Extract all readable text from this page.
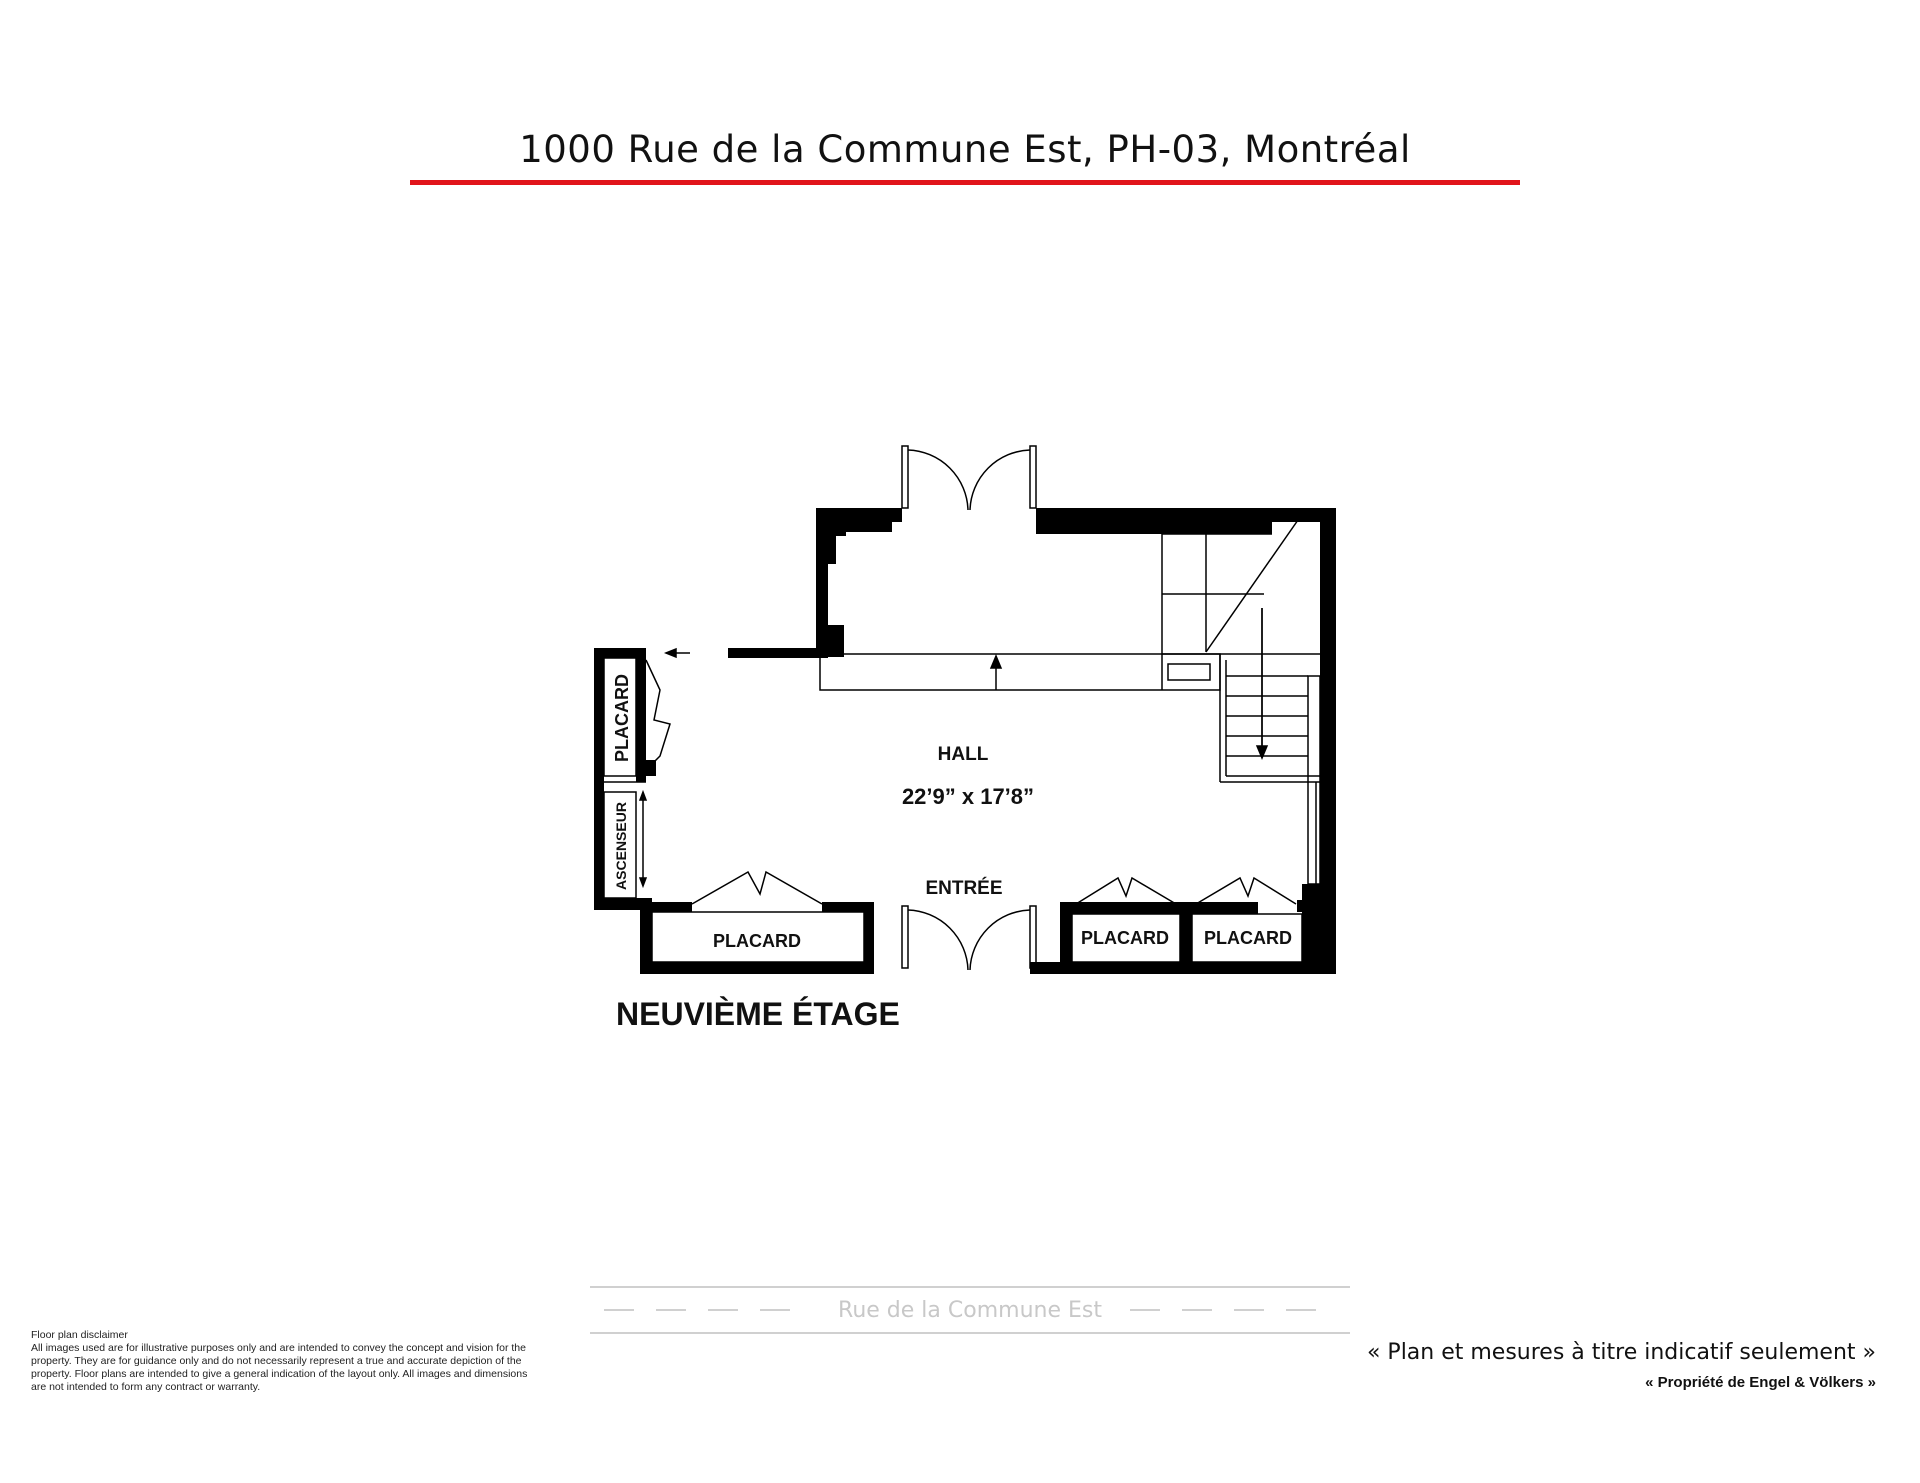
1000 Rue de la Commune Est, PH-03, Montréal
HALL
22’9” x 17’8”
ENTRÉE
PLACARD
ASCENSEUR
PLACARD	PLACARD PLACARD
NEUVIÈME ÉTAGE
Rue de la Commune Est
Floor plan disclaimer
All images used are for illustrative purposes only and are intended to convey the concept and vision for the property. They are for guidance only and do not necessarily represent a true and accurate depiction of the property. Floor plans are intended to give a general indication of the layout only. All images and dimensions are not intended to form any contract or warranty.
« Plan et mesures à titre indicatif seulement »
« Propriété de Engel & Völkers »
